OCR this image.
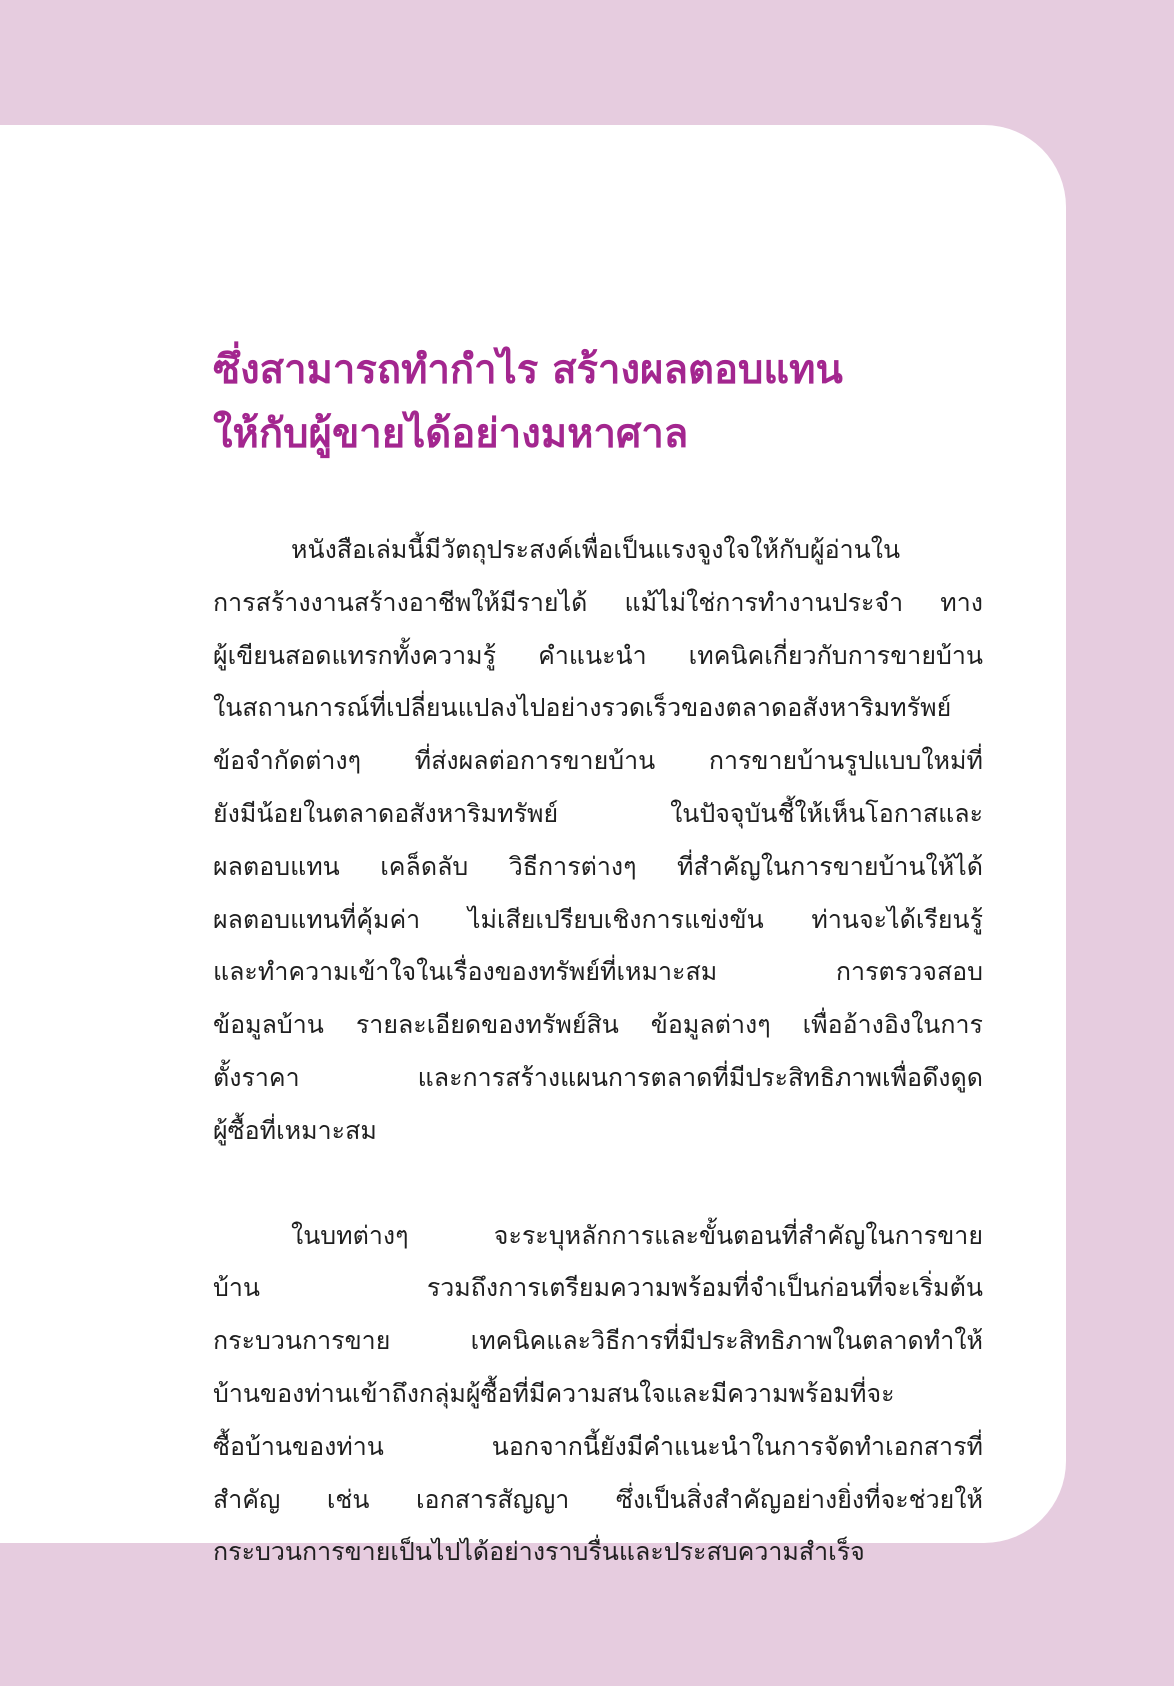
ซึ่งสามารถทำกำไร สร้างผลตอบแทน
ให้กับผู้ขายได้อย่างมหาศาล
หนังสือเล่มนี้มีวัตถุประสงค์เพื่อเป็นแรงจูงใจให้กับผู้อ่านใน
การสร้างงานสร้างอาชีพให้มีรายได้ แม้ไม่ใช่การทำงานประจำ ทาง
ผู้เขียนสอดแทรกทั้งความรู้ คำแนะนำ เทคนิคเกี่ยวกับการขายบ้าน
ในสถานการณ์ที่เปลี่ยนแปลงไปอย่างรวดเร็วของตลาดอสังหาริมทรัพย์
ข้อจำกัดต่างๆ ที่ส่งผลต่อการขายบ้าน การขายบ้านรูปแบบใหม่ที่
ยังมีน้อยในตลาดอสังหาริมทรัพย์ ในปัจจุบันชี้ให้เห็นโอกาสและ
ผลตอบแทน เคล็ดลับ วิธีการต่างๆ ที่สำคัญในการขายบ้านให้ได้
ผลตอบแทนที่คุ้มค่า ไม่เสียเปรียบเชิงการแข่งขัน ท่านจะได้เรียนรู้
และทำความเข้าใจในเรื่องของทรัพย์ที่เหมาะสม การตรวจสอบ
ข้อมูลบ้าน รายละเอียดของทรัพย์สิน ข้อมูลต่างๆ เพื่ออ้างอิงในการ
ตั้งราคา และการสร้างแผนการตลาดที่มีประสิทธิภาพเพื่อดึงดูด
ผู้ซื้อที่เหมาะสม
ในบทต่างๆ จะระบุหลักการและขั้นตอนที่สำคัญในการขาย
บ้าน รวมถึงการเตรียมความพร้อมที่จำเป็นก่อนที่จะเริ่มต้น
กระบวนการขาย เทคนิคและวิธีการที่มีประสิทธิภาพในตลาดทำให้
บ้านของท่านเข้าถึงกลุ่มผู้ซื้อที่มีความสนใจและมีความพร้อมที่จะ
ซื้อบ้านของท่าน นอกจากนี้ยังมีคำแนะนำในการจัดทำเอกสารที่
สำคัญ เช่น เอกสารสัญญา ซึ่งเป็นสิ่งสำคัญอย่างยิ่งที่จะช่วยให้
กระบวนการขายเป็นไปได้อย่างราบรื่นและประสบความสำเร็จ
